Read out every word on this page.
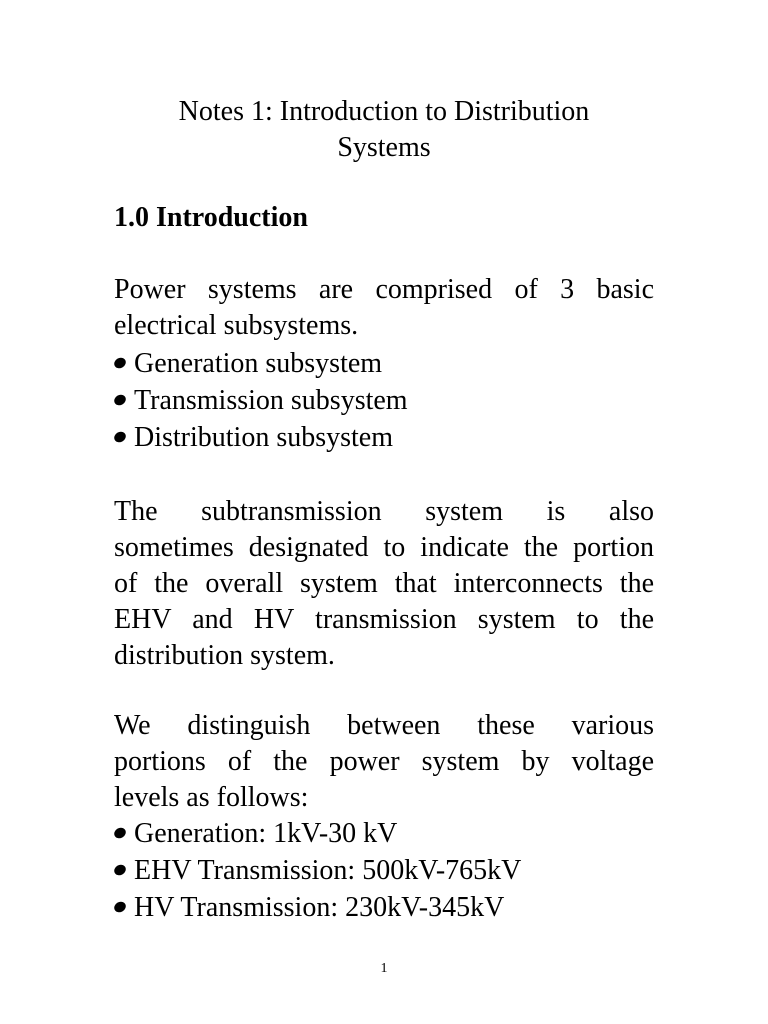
Notes 1: Introduction to Distribution
Systems
1.0 Introduction
Power systems are comprised of 3 basic
electrical subsystems.
Generation subsystem
Transmission subsystem
Distribution subsystem
The subtransmission system is also
sometimes designated to indicate the portion
of the overall system that interconnects the
EHV and HV transmission system to the
distribution system.
We distinguish between these various
portions of the power system by voltage
levels as follows:
Generation: 1kV-30 kV
EHV Transmission: 500kV-765kV
HV Transmission: 230kV-345kV
1
